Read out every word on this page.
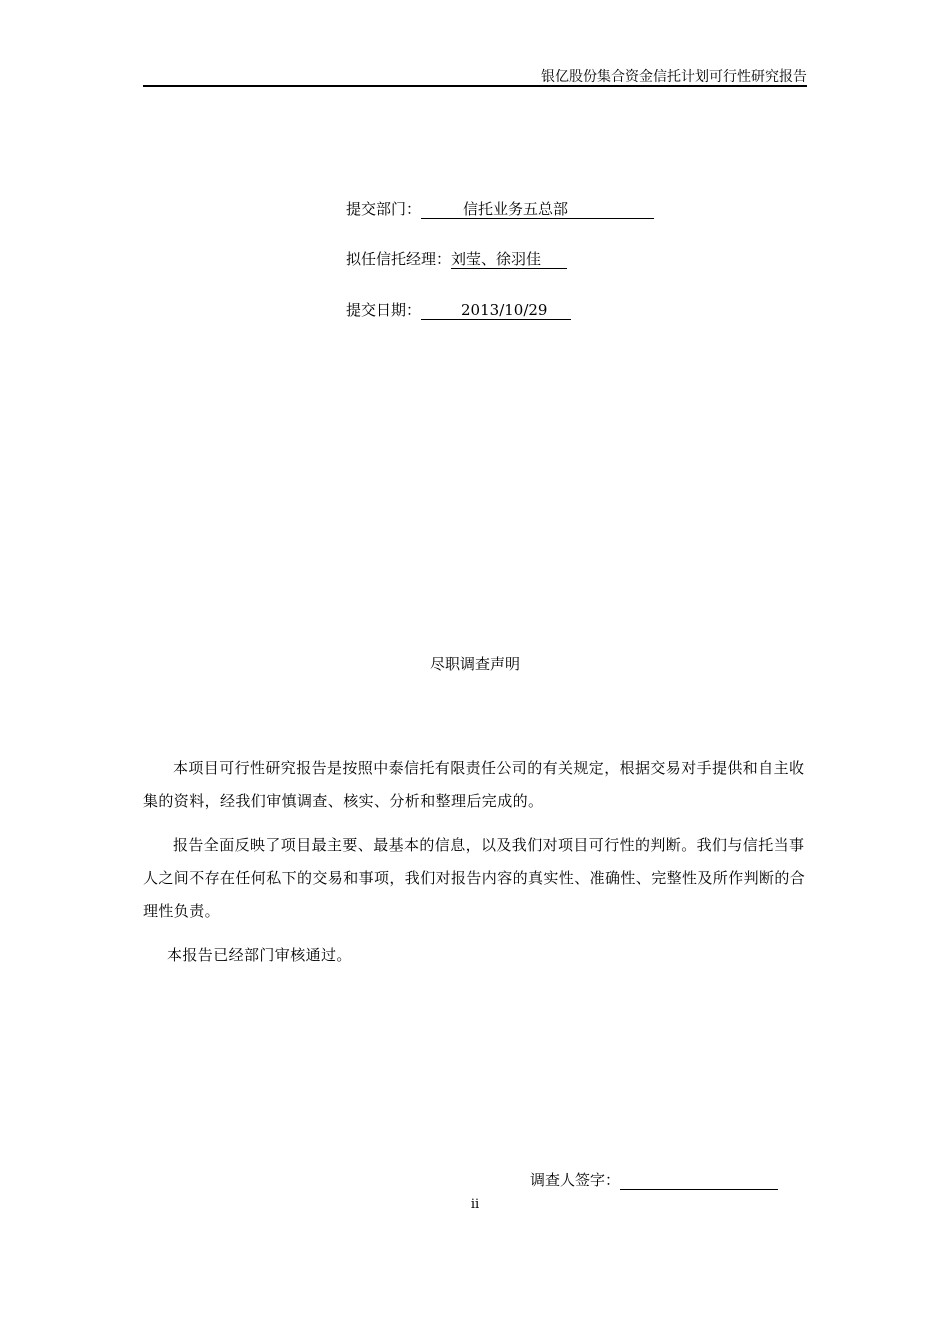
银亿股份集合资金信托计划可行性研究报告
提交部门：	信托业务五总部
拟任信托经理：刘莹、徐羽佳
提交日期：	2013/10/29
尽职调查声明

本项目可行性研究报告是按照中泰信托有限责任公司的有关规定，根据交易对手提供和自主收集的资料，经我们审慎调查、核实、分析和整理后完成的。

报告全面反映了项目最主要、最基本的信息，以及我们对项目可行性的判断。我们与信托当事人之间不存在任何私下的交易和事项，我们对报告内容的真实性、准确性、完整性及所作判断的合理性负责。

本报告已经部门审核通过。

调查人签字：
ii
